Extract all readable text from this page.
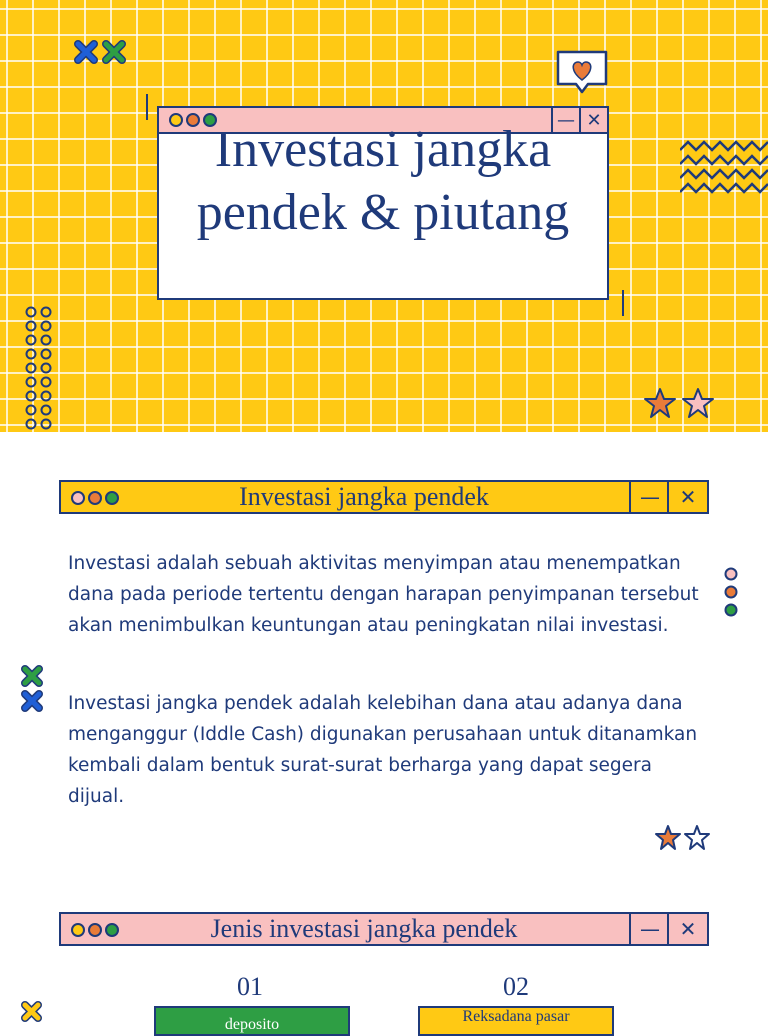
— ✕
Investasi jangka pendek & piutang
Investasi jangka pendek	— ✕

Investasi adalah sebuah aktivitas menyimpan atau menempatkan dana pada periode tertentu dengan harapan penyimpanan tersebut akan menimbulkan keuntungan atau peningkatan nilai investasi.

Investasi jangka pendek adalah kelebihan dana atau adanya dana menganggur (Iddle Cash) digunakan perusahaan untuk ditanamkan kembali dalam bentuk surat-surat berharga yang dapat segera dijual.

Jenis investasi jangka pendek	— ✕
01	02
deposito	Reksadana pasar
